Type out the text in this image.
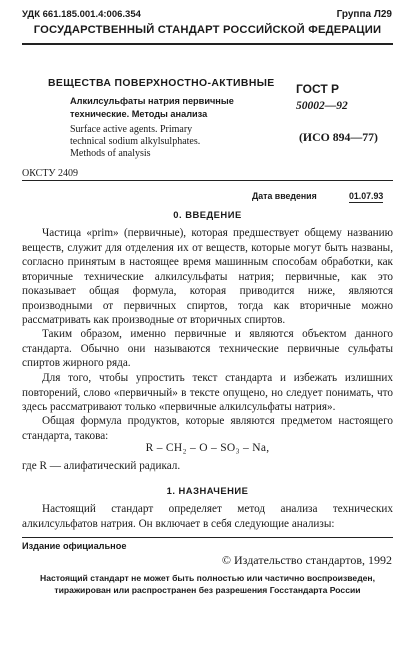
УДК 661.185.001.4:006.354	Группа Л29
ГОСУДАРСТВЕННЫЙ СТАНДАРТ РОССИЙСКОЙ ФЕДЕРАЦИИ
ВЕЩЕСТВА ПОВЕРХНОСТНО-АКТИВНЫЕ
Алкилсульфаты натрия первичные
технические. Методы анализа
Surface active agents. Primary
technical sodium alkylsulphates.
Methods of analysis
ГОСТ Р
50002—92
(ИСО 894—77)
ОКСТУ 2409
Дата введения	01.07.93
0. ВВЕДЕНИЕ
Частица «prim» (первичные), которая предшествует общему названию веществ, служит для отделения их от веществ, которые могут быть названы, согласно принятым в настоящее время машинным способам обработки, как вторичные технические алкилсульфаты натрия; первичные, как это показывает общая формула, которая приводится ниже, являются производными от первичных спиртов, тогда как вторичные можно рассматривать как производные от вторичных спиртов.
Таким образом, именно первичные и являются объектом данного стандарта. Обычно они называются технические первичные сульфаты спиртов жирного ряда.
Для того, чтобы упростить текст стандарта и избежать излишних повторений, слово «первичный» в тексте опущено, но следует понимать, что здесь рассматривают только «первичные алкилсульфаты натрия».
Общая формула продуктов, которые являются предметом настоящего стандарта, такова:
R – CH₂ – O – SO₃ – Na,
где R — алифатический радикал.
1. НАЗНАЧЕНИЕ
Настоящий стандарт определяет метод анализа технических алкилсульфатов натрия. Он включает в себя следующие анализы:
Издание официальное
© Издательство стандартов, 1992
Настоящий стандарт не может быть полностью или частично воспроизведен, тиражирован или распространен без разрешения Госстандарта России
